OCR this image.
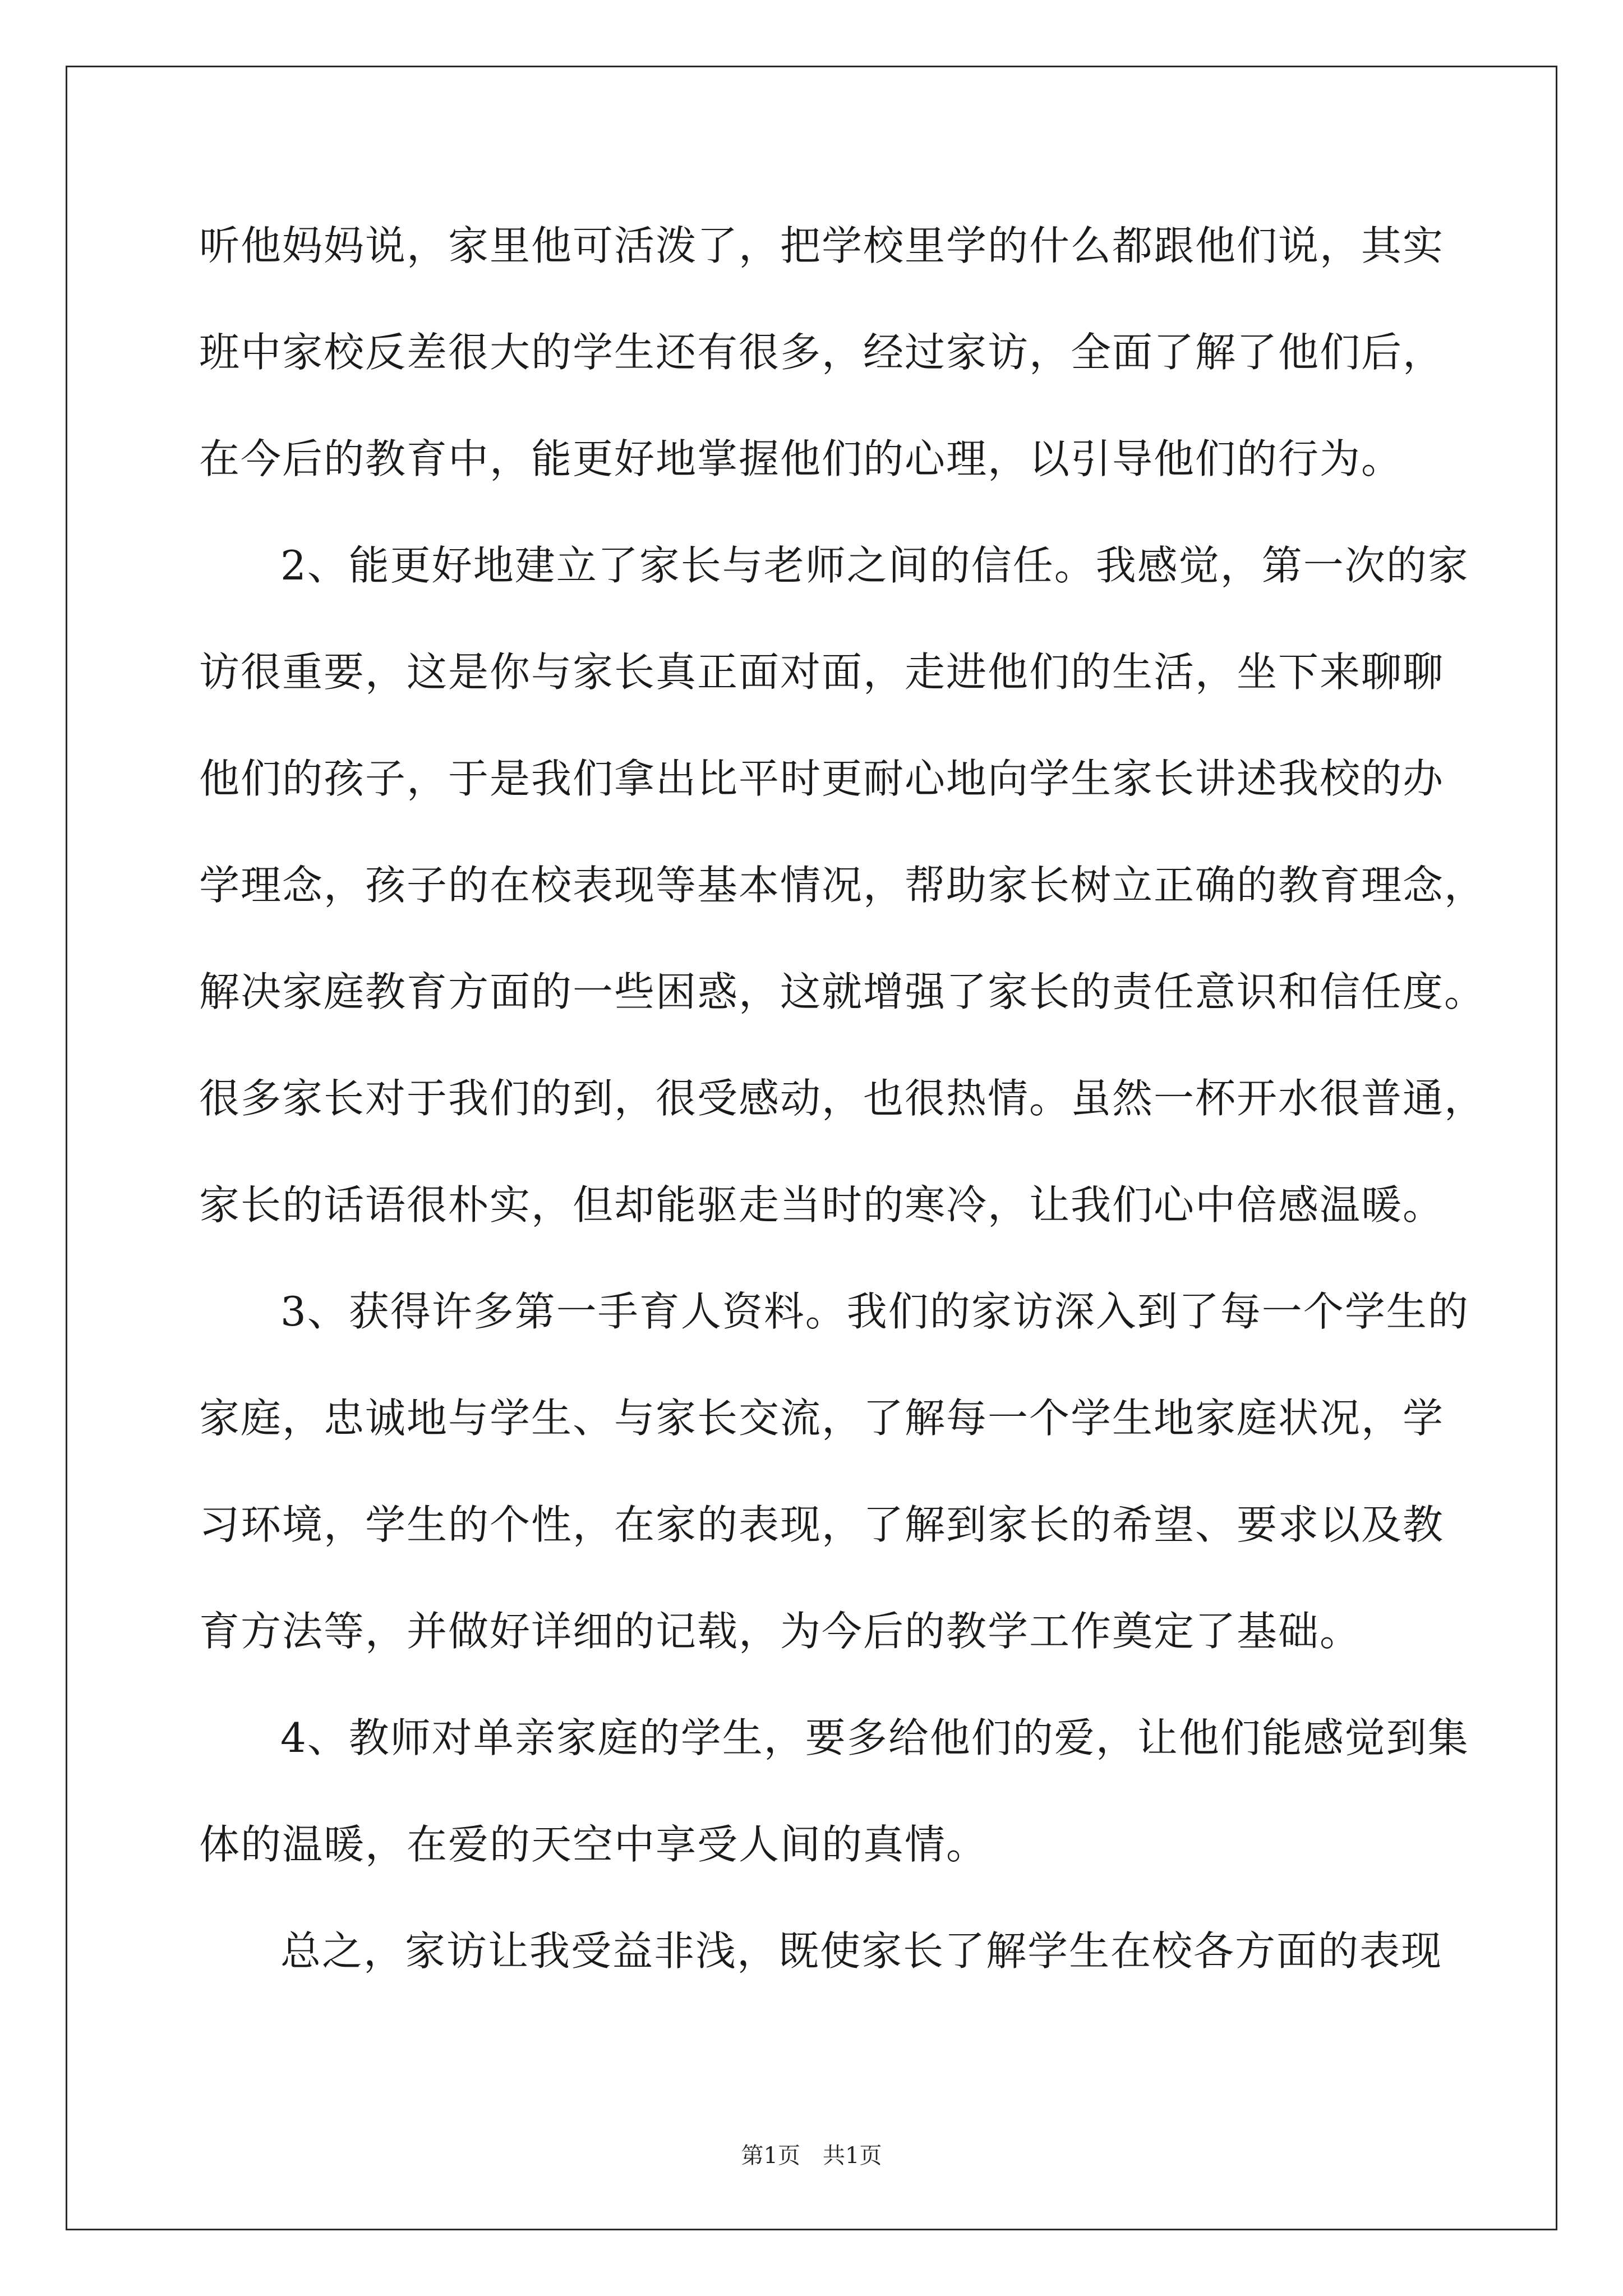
听他妈妈说，家里他可活泼了，把学校里学的什么都跟他们说，其实
班中家校反差很大的学生还有很多，经过家访，全面了解了他们后，
在今后的教育中，能更好地掌握他们的心理，以引导他们的行为。
2、能更好地建立了家长与老师之间的信任。我感觉，第一次的家
访很重要，这是你与家长真正面对面，走进他们的生活，坐下来聊聊
他们的孩子，于是我们拿出比平时更耐心地向学生家长讲述我校的办
学理念，孩子的在校表现等基本情况，帮助家长树立正确的教育理念，
解决家庭教育方面的一些困惑，这就增强了家长的责任意识和信任度。
很多家长对于我们的到，很受感动，也很热情。虽然一杯开水很普通，
家长的话语很朴实，但却能驱走当时的寒冷，让我们心中倍感温暖。
3、获得许多第一手育人资料。我们的家访深入到了每一个学生的
家庭，忠诚地与学生、与家长交流，了解每一个学生地家庭状况，学
习环境，学生的个性，在家的表现，了解到家长的希望、要求以及教
育方法等，并做好详细的记载，为今后的教学工作奠定了基础。
4、教师对单亲家庭的学生，要多给他们的爱，让他们能感觉到集
体的温暖，在爱的天空中享受人间的真情。
总之，家访让我受益非浅，既使家长了解学生在校各方面的表现
第1页　共1页
